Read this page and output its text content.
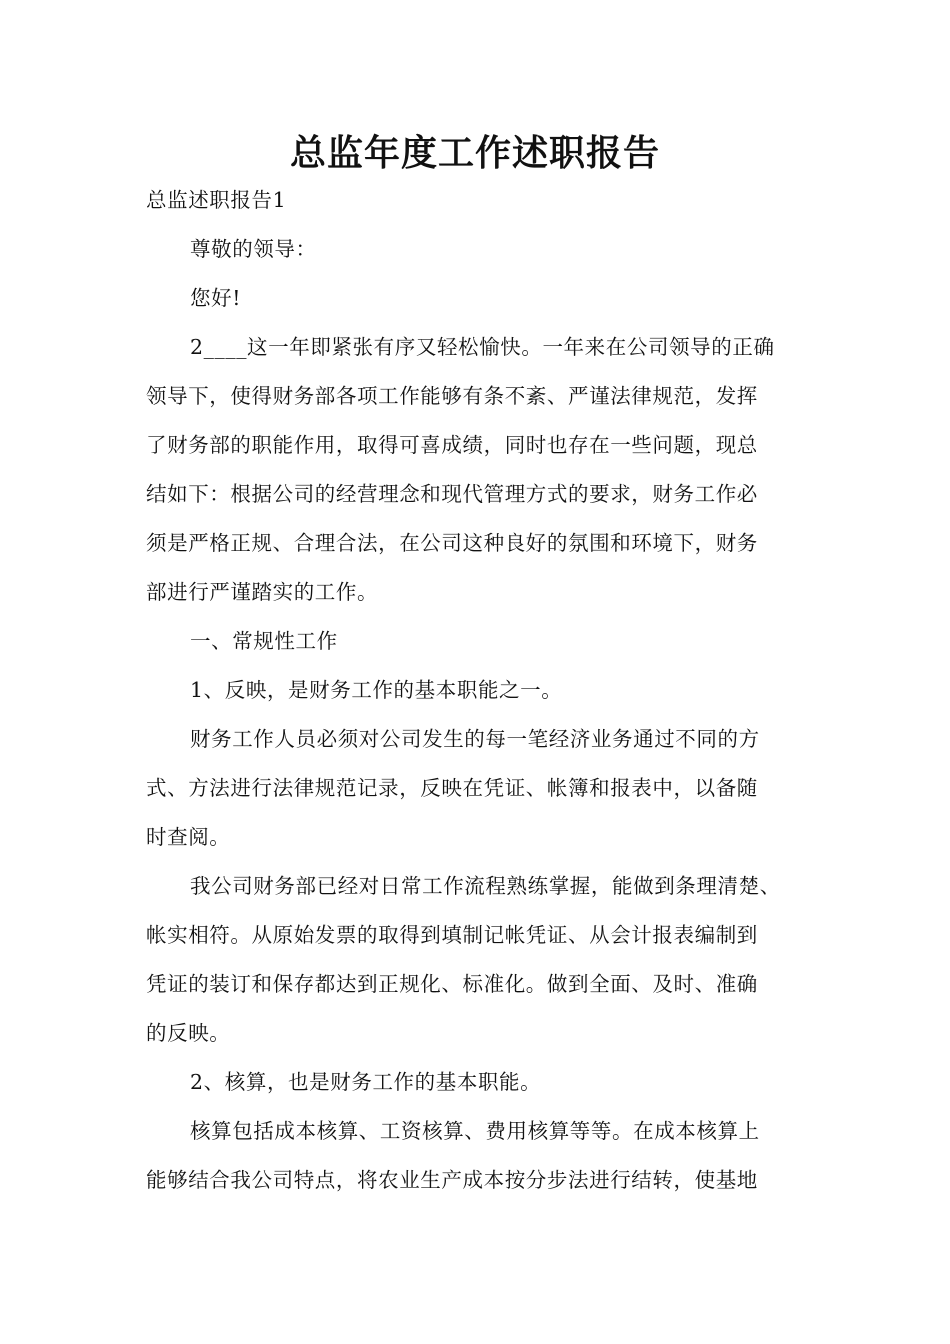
总监年度工作述职报告
总监述职报告1
尊敬的领导：
您好!
2____这一年即紧张有序又轻松愉快。一年来在公司领导的正确
领导下，使得财务部各项工作能够有条不紊、严谨法律规范，发挥
了财务部的职能作用，取得可喜成绩，同时也存在一些问题，现总
结如下：根据公司的经营理念和现代管理方式的要求，财务工作必
须是严格正规、合理合法，在公司这种良好的氛围和环境下，财务
部进行严谨踏实的工作。
一、常规性工作
1、反映，是财务工作的基本职能之一。
财务工作人员必须对公司发生的每一笔经济业务通过不同的方
式、方法进行法律规范记录，反映在凭证、帐簿和报表中，以备随
时查阅。
我公司财务部已经对日常工作流程熟练掌握，能做到条理清楚、
帐实相符。从原始发票的取得到填制记帐凭证、从会计报表编制到
凭证的装订和保存都达到正规化、标准化。做到全面、及时、准确
的反映。
2、核算，也是财务工作的基本职能。
核算包括成本核算、工资核算、费用核算等等。在成本核算上
能够结合我公司特点，将农业生产成本按分步法进行结转，使基地
